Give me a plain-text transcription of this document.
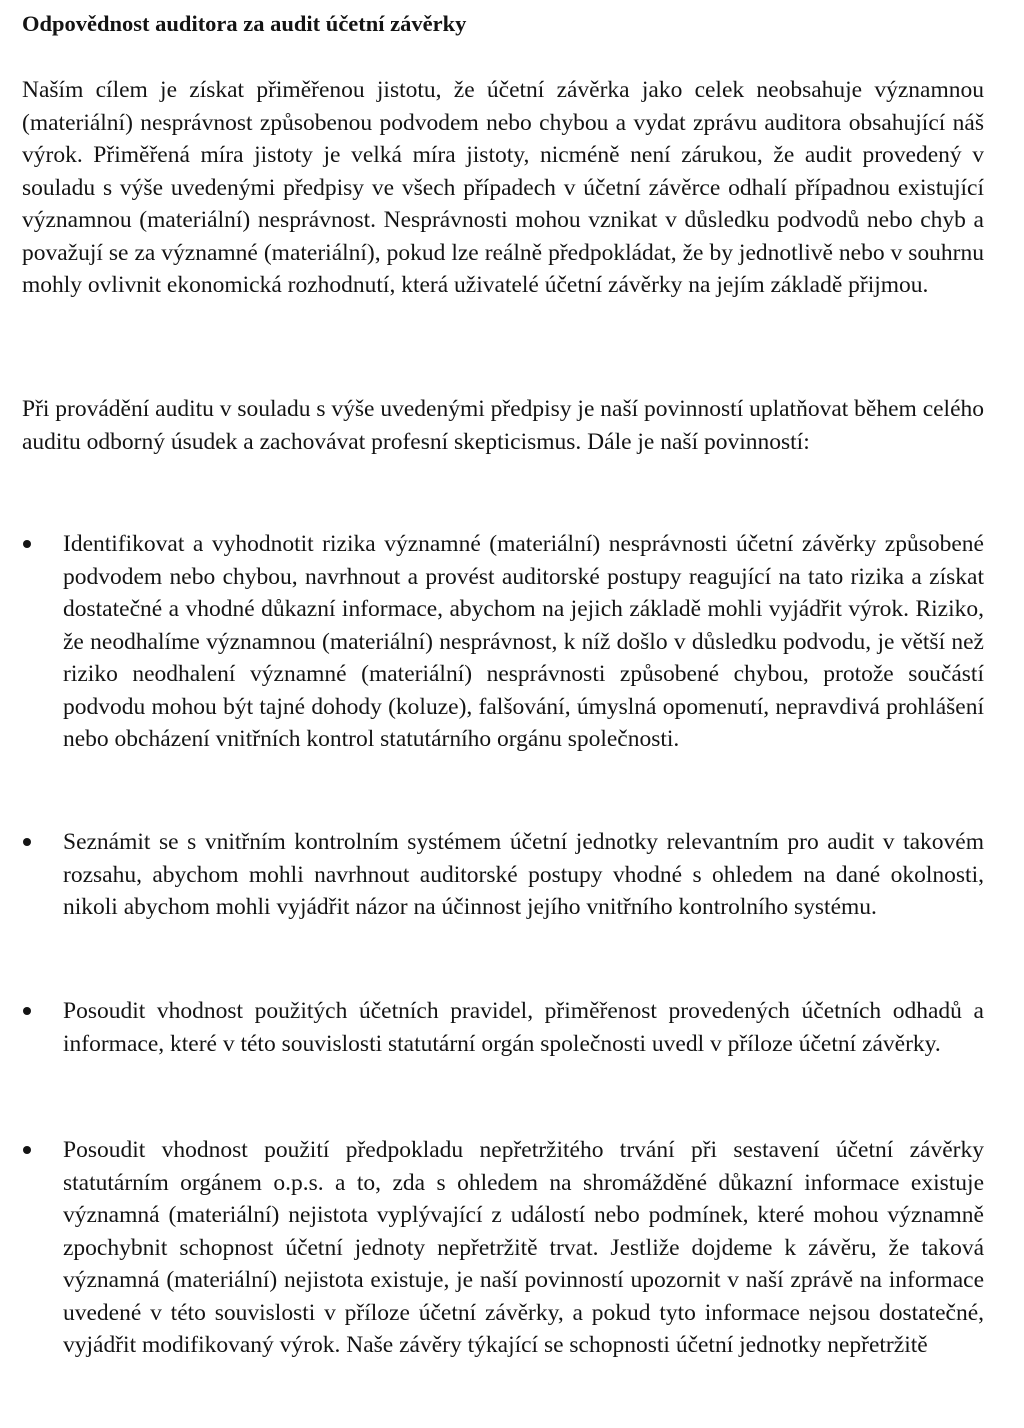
Odpovědnost auditora za audit účetní závěrky

Naším cílem je získat přiměřenou jistotu, že účetní závěrka jako celek neobsahuje významnou (materiální) nesprávnost způsobenou podvodem nebo chybou a vydat zprávu auditora obsahující náš výrok. Přiměřená míra jistoty je velká míra jistoty, nicméně není zárukou, že audit provedený v souladu s výše uvedenými předpisy ve všech případech v účetní závěrce odhalí případnou existující významnou (materiální) nesprávnost. Nesprávnosti mohou vznikat v důsledku podvodů nebo chyb a považují se za významné (materiální), pokud lze reálně předpokládat, že by jednotlivě nebo v souhrnu mohly ovlivnit ekonomická rozhodnutí, která uživatelé účetní závěrky na jejím základě přijmou.

Při provádění auditu v souladu s výše uvedenými předpisy je naší povinností uplatňovat během celého auditu odborný úsudek a zachovávat profesní skepticismus. Dále je naší povinností:

Identifikovat a vyhodnotit rizika významné (materiální) nesprávnosti účetní závěrky způsobené podvodem nebo chybou, navrhnout a provést auditorské postupy reagující na tato rizika a získat dostatečné a vhodné důkazní informace, abychom na jejich základě mohli vyjádřit výrok. Riziko, že neodhalíme významnou (materiální) nesprávnost, k níž došlo v důsledku podvodu, je větší než riziko neodhalení významné (materiální) nesprávnosti způsobené chybou, protože součástí podvodu mohou být tajné dohody (koluze), falšování, úmyslná opomenutí, nepravdivá prohlášení nebo obcházení vnitřních kontrol statutárního orgánu společnosti.

Seznámit se s vnitřním kontrolním systémem účetní jednotky relevantním pro audit v takovém rozsahu, abychom mohli navrhnout auditorské postupy vhodné s ohledem na dané okolnosti, nikoli abychom mohli vyjádřit názor na účinnost jejího vnitřního kontrolního systému.

Posoudit vhodnost použitých účetních pravidel, přiměřenost provedených účetních odhadů a informace, které v této souvislosti statutární orgán společnosti uvedl v příloze účetní závěrky.

Posoudit vhodnost použití předpokladu nepřetržitého trvání při sestavení účetní závěrky statutárním orgánem o.p.s. a to, zda s ohledem na shromážděné důkazní informace existuje významná (materiální) nejistota vyplývající z událostí nebo podmínek, které mohou významně zpochybnit schopnost účetní jednoty nepřetržitě trvat. Jestliže dojdeme k závěru, že taková významná (materiální) nejistota existuje, je naší povinností upozornit v naší zprávě na informace uvedené v této souvislosti v příloze účetní závěrky, a pokud tyto informace nejsou dostatečné, vyjádřit modifikovaný výrok. Naše závěry týkající se schopnosti účetní jednotky nepřetržitě
